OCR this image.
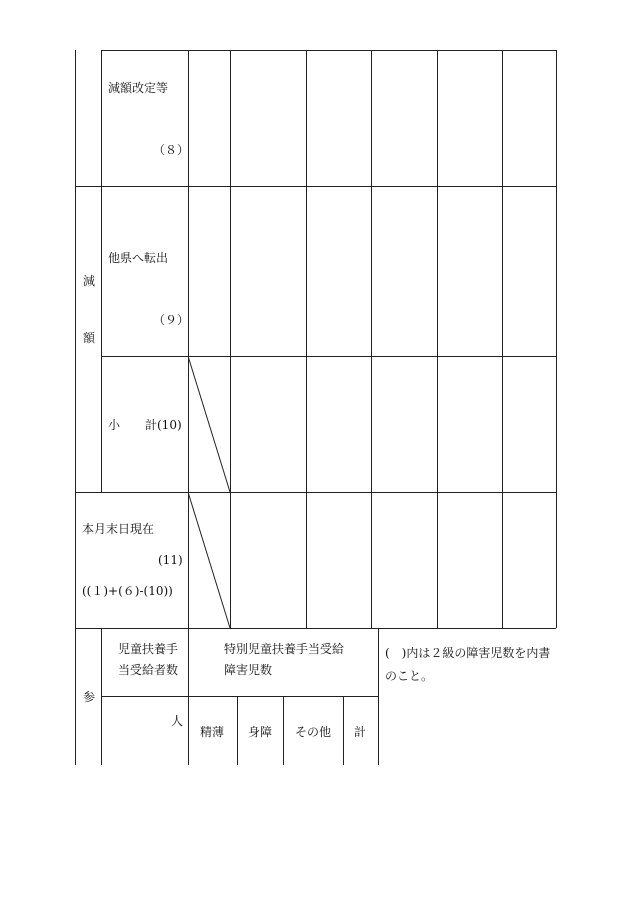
減額改定等
（８）
減
額
他県へ転出
（９）
小 計(10)
本月末日現在
(11)
((１)+(６)-(10))
参
児童扶養手
当受給者数
人
特別児童扶養手当受給
障害児数
精薄 身障 その他 計
(　)内は２級の障害児数を内書
のこと。
